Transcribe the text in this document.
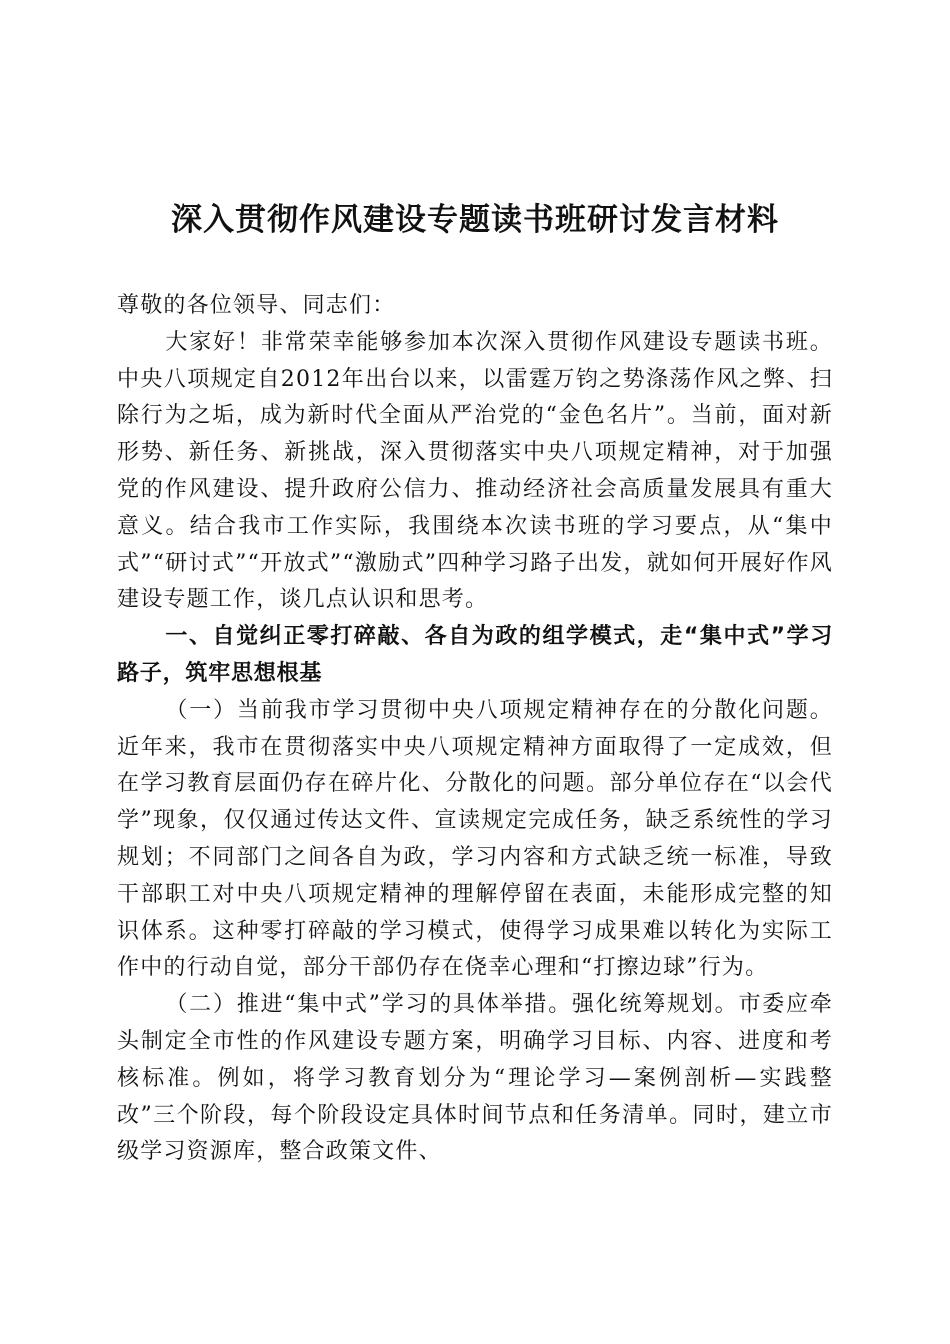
深入贯彻作风建设专题读书班研讨发言材料

尊敬的各位领导、同志们：

大家好！非常荣幸能够参加本次深入贯彻作风建设专题读书班。中央八项规定自2012年出台以来，以雷霆万钧之势涤荡作风之弊、扫除行为之垢，成为新时代全面从严治党的“金色名片”。当前，面对新形势、新任务、新挑战，深入贯彻落实中央八项规定精神，对于加强党的作风建设、提升政府公信力、推动经济社会高质量发展具有重大意义。结合我市工作实际，我围绕本次读书班的学习要点，从“集中式”“研讨式”“开放式”“激励式”四种学习路子出发，就如何开展好作风建设专题工作，谈几点认识和思考。

一、自觉纠正零打碎敲、各自为政的组学模式，走“集中式”学习路子，筑牢思想根基

（一）当前我市学习贯彻中央八项规定精神存在的分散化问题。近年来，我市在贯彻落实中央八项规定精神方面取得了一定成效，但在学习教育层面仍存在碎片化、分散化的问题。部分单位存在“以会代学”现象，仅仅通过传达文件、宣读规定完成任务，缺乏系统性的学习规划；不同部门之间各自为政，学习内容和方式缺乏统一标准，导致干部职工对中央八项规定精神的理解停留在表面，未能形成完整的知识体系。这种零打碎敲的学习模式，使得学习成果难以转化为实际工作中的行动自觉，部分干部仍存在侥幸心理和“打擦边球”行为。

（二）推进“集中式”学习的具体举措。强化统筹规划。市委应牵头制定全市性的作风建设专题方案，明确学习目标、内容、进度和考核标准。例如，将学习教育划分为“理论学习—案例剖析—实践整改”三个阶段，每个阶段设定具体时间节点和任务清单。同时，建立市级学习资源库，整合政策文件、
